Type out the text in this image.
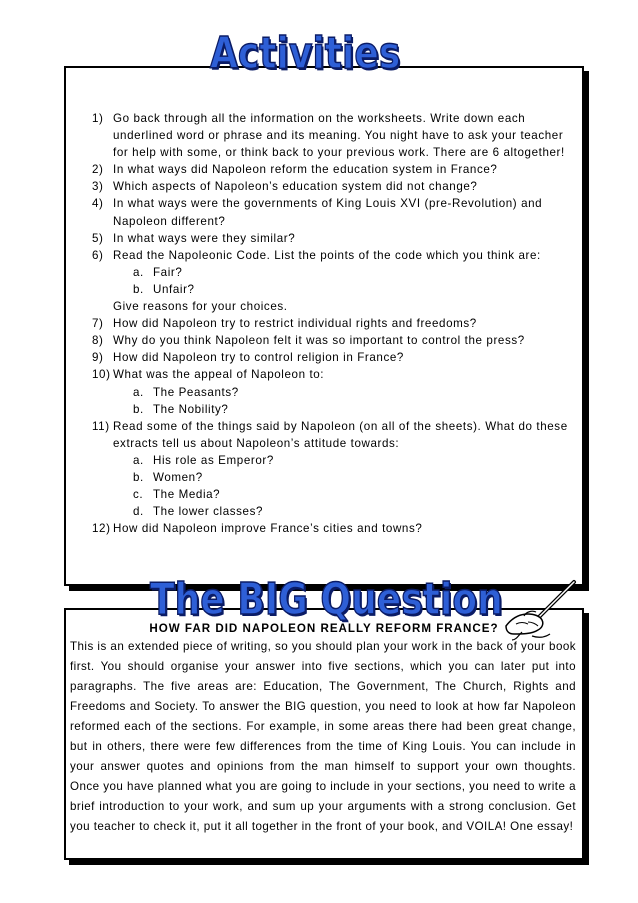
Activities
1) Go back through all the information on the worksheets. Write down each underlined word or phrase and its meaning. You night have to ask your teacher for help with some, or think back to your previous work. There are 6 altogether!
2) In what ways did Napoleon reform the education system in France?
3) Which aspects of Napoleon’s education system did not change?
4) In what ways were the governments of King Louis XVI (pre-Revolution) and Napoleon different?
5) In what ways were they similar?
6) Read the Napoleonic Code. List the points of the code which you think are:
a. Fair?
b. Unfair?
Give reasons for your choices.
7) How did Napoleon try to restrict individual rights and freedoms?
8) Why do you think Napoleon felt it was so important to control the press?
9) How did Napoleon try to control religion in France?
10) What was the appeal of Napoleon to:
a. The Peasants?
b. The Nobility?
11) Read some of the things said by Napoleon (on all of the sheets). What do these extracts tell us about Napoleon’s attitude towards:
a. His role as Emperor?
b. Women?
c. The Media?
d. The lower classes?
12) How did Napoleon improve France’s cities and towns?
The BIG Question

HOW FAR DID NAPOLEON REALLY REFORM FRANCE?

This is an extended piece of writing, so you should plan your work in the back of your book first. You should organise your answer into five sections, which you can later put into paragraphs. The five areas are: Education, The Government, The Church, Rights and Freedoms and Society. To answer the BIG question, you need to look at how far Napoleon reformed each of the sections. For example, in some areas there had been great change, but in others, there were few differences from the time of King Louis. You can include in your answer quotes and opinions from the man himself to support your own thoughts. Once you have planned what you are going to include in your sections, you need to write a brief introduction to your work, and sum up your arguments with a strong conclusion. Get you teacher to check it, put it all together in the front of your book, and VOILA! One essay!
